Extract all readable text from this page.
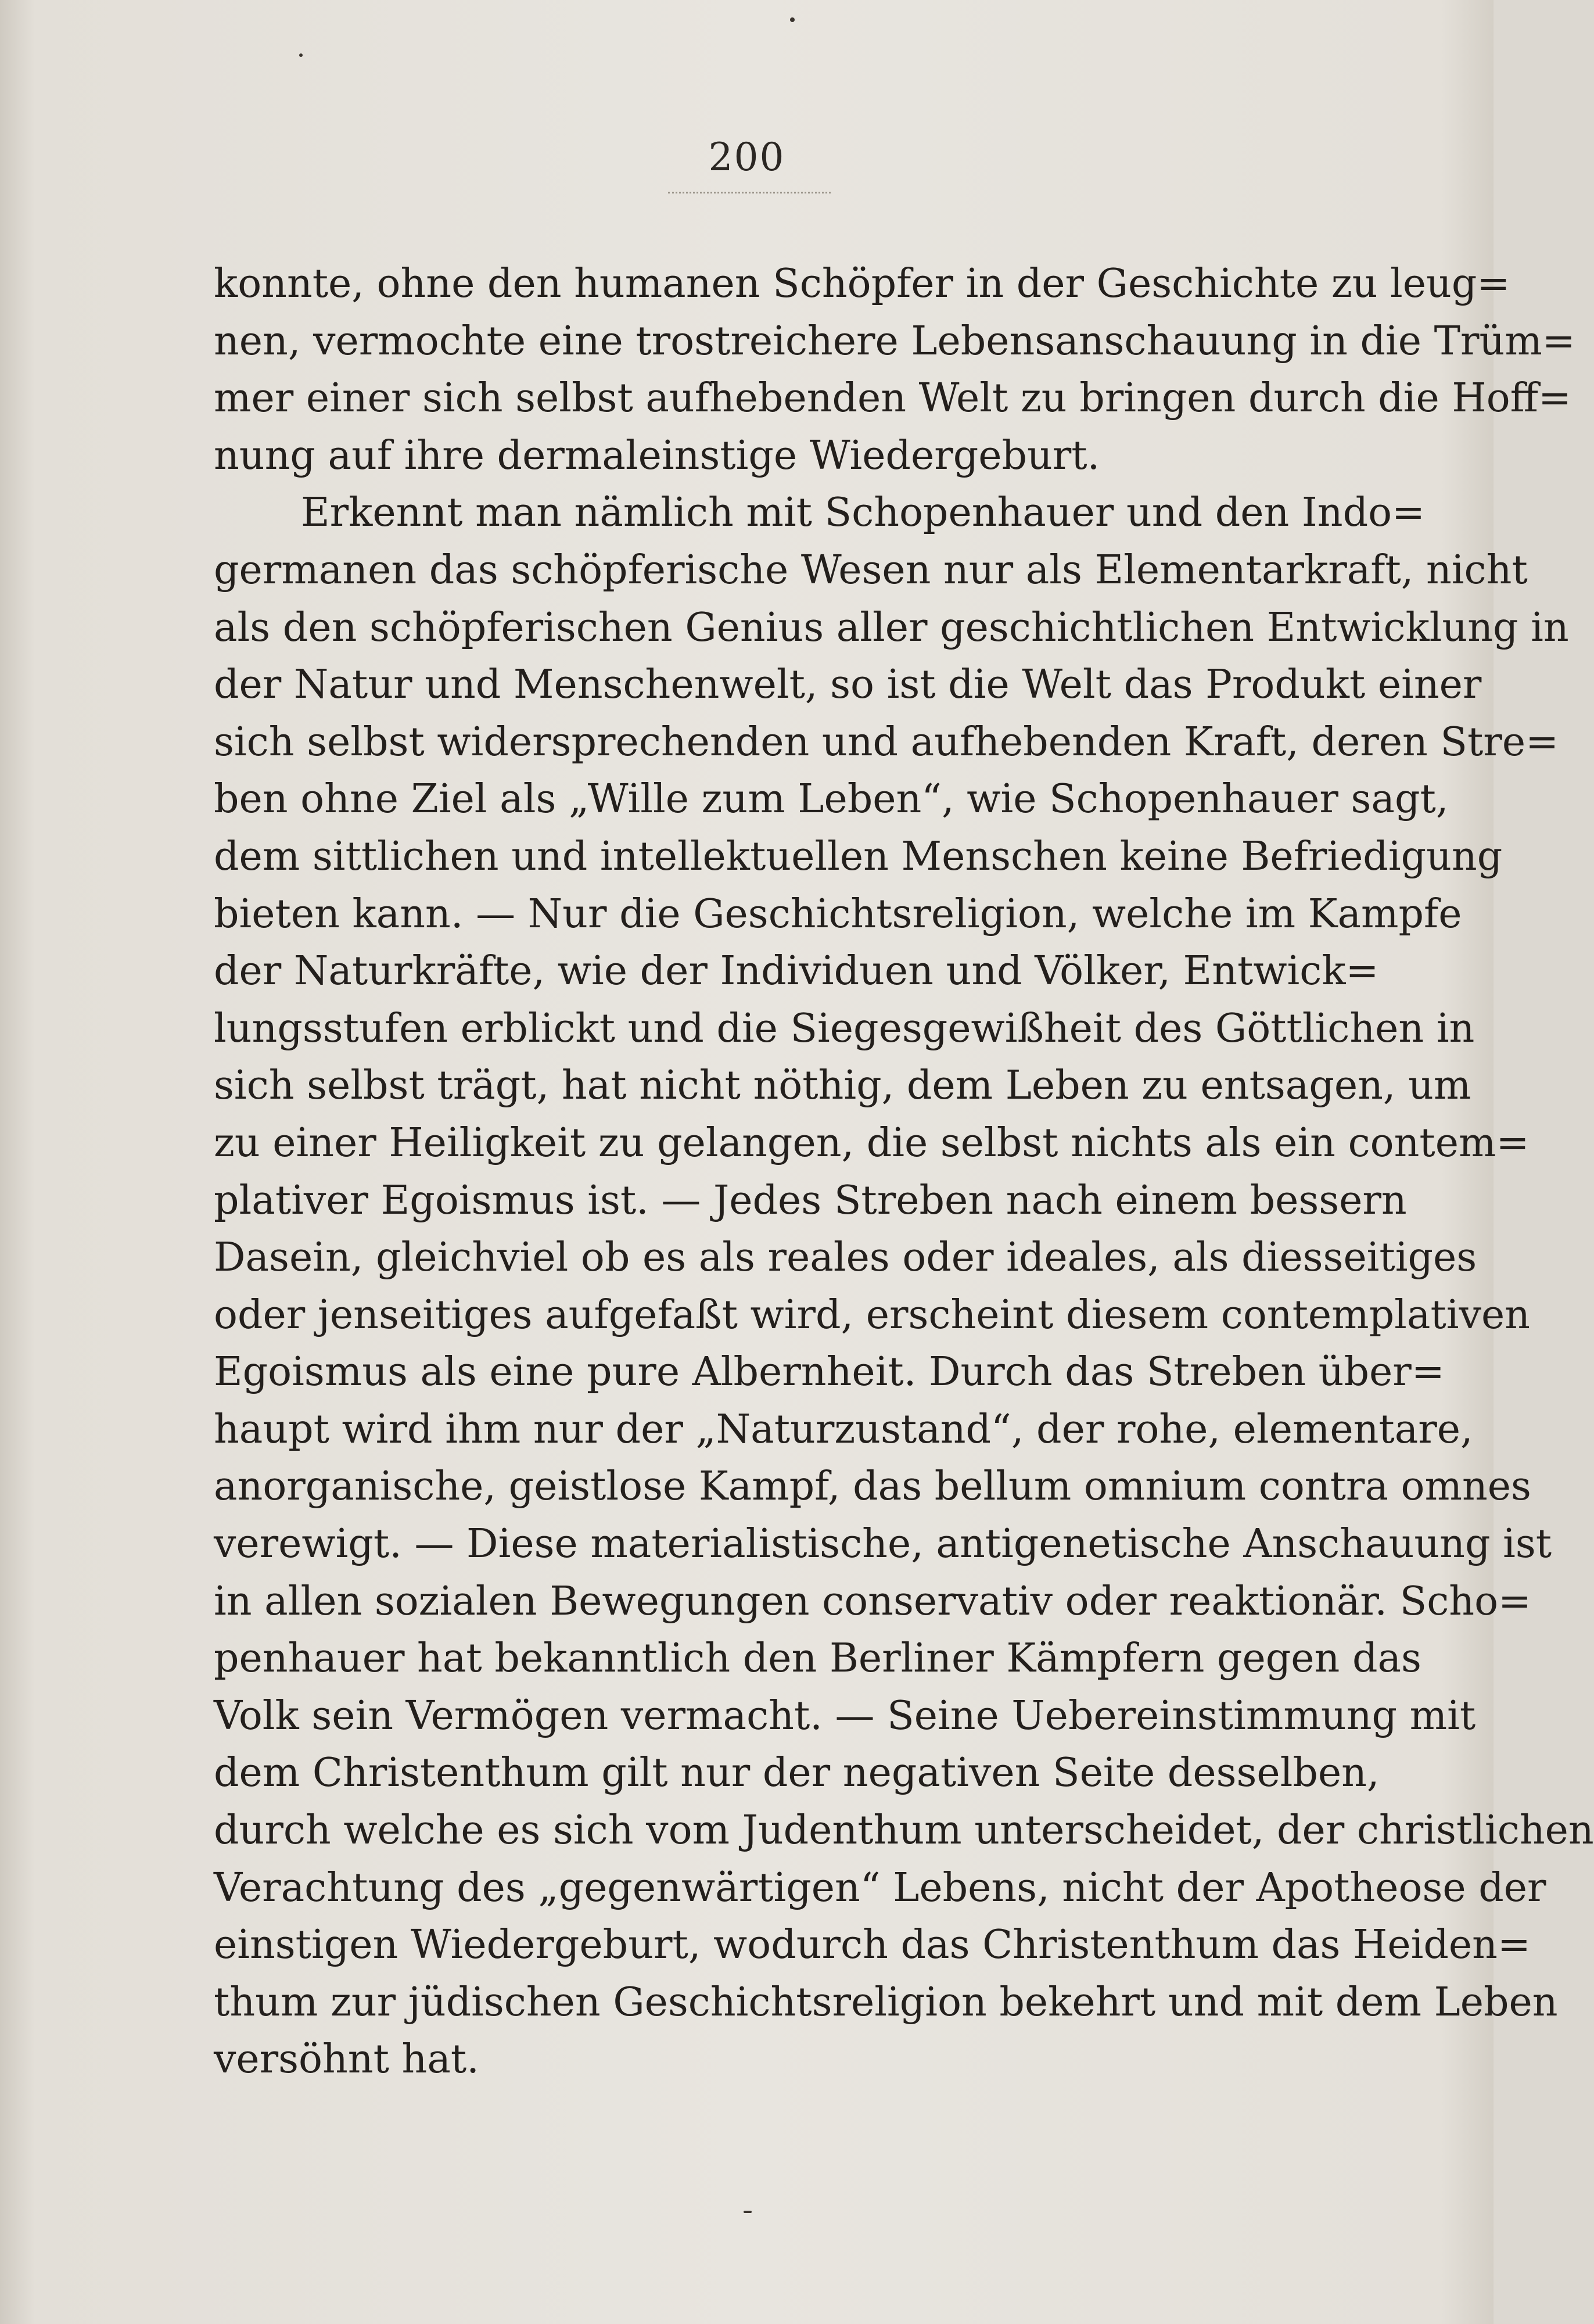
200
konnte, ohne den humanen Schöpfer in der Geschichte zu leug=
nen, vermochte eine trostreichere Lebensanschauung in die Trüm=
mer einer sich selbst aufhebenden Welt zu bringen durch die Hoff=
nung auf ihre dermaleinstige Wiedergeburt.
Erkennt man nämlich mit Schopenhauer und den Indo=
germanen das schöpferische Wesen nur als Elementarkraft, nicht
als den schöpferischen Genius aller geschichtlichen Entwicklung in
der Natur und Menschenwelt, so ist die Welt das Produkt einer
sich selbst widersprechenden und aufhebenden Kraft, deren Stre=
ben ohne Ziel als „Wille zum Leben“, wie Schopenhauer sagt,
dem sittlichen und intellektuellen Menschen keine Befriedigung
bieten kann. — Nur die Geschichtsreligion, welche im Kampfe
der Naturkräfte, wie der Individuen und Völker, Entwick=
lungsstufen erblickt und die Siegesgewißheit des Göttlichen in
sich selbst trägt, hat nicht nöthig, dem Leben zu entsagen, um
zu einer Heiligkeit zu gelangen, die selbst nichts als ein contem=
plativer Egoismus ist. — Jedes Streben nach einem bessern
Dasein, gleichviel ob es als reales oder ideales, als diesseitiges
oder jenseitiges aufgefaßt wird, erscheint diesem contemplativen
Egoismus als eine pure Albernheit. Durch das Streben über=
haupt wird ihm nur der „Naturzustand“, der rohe, elementare,
anorganische, geistlose Kampf, das bellum omnium contra omnes
verewigt. — Diese materialistische, antigenetische Anschauung ist
in allen sozialen Bewegungen conservativ oder reaktionär. Scho=
penhauer hat bekanntlich den Berliner Kämpfern gegen das
Volk sein Vermögen vermacht. — Seine Uebereinstimmung mit
dem Christenthum gilt nur der negativen Seite desselben,
durch welche es sich vom Judenthum unterscheidet, der christlichen
Verachtung des „gegenwärtigen“ Lebens, nicht der Apotheose der
einstigen Wiedergeburt, wodurch das Christenthum das Heiden=
thum zur jüdischen Geschichtsreligion bekehrt und mit dem Leben
versöhnt hat.
